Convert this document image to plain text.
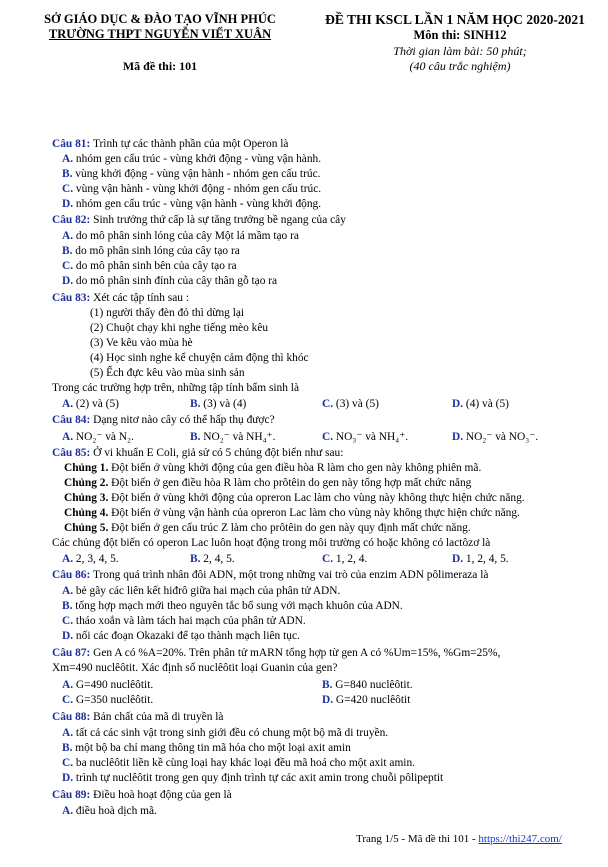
SỞ GIÁO DỤC & ĐÀO TẠO VĨNH PHÚC
TRƯỜNG THPT NGUYỄN VIẾT XUÂN
Mã đề thi: 101
ĐỀ THI KSCL LẦN 1 NĂM HỌC 2020-2021
Môn thi: SINH12
Thời gian làm bài: 50 phút;
(40 câu trắc nghiệm)
Câu 81: Trình tự các thành phần của một Operon là
A. nhóm gen cấu trúc - vùng khởi động - vùng vận hành.
B. vùng khởi động - vùng vận hành - nhóm gen cấu trúc.
C. vùng vận hành - vùng khởi động - nhóm gen cấu trúc.
D. nhóm gen cấu trúc - vùng vận hành - vùng khởi động.
Câu 82: Sinh trưởng thứ cấp là sự tăng trưởng bề ngang của cây
A. do mô phân sinh lóng của cây Một lá mầm tạo ra
B. do mô phân sinh lóng của cây tạo ra
C. do mô phân sinh bên của cây tạo ra
D. do mô phân sinh đỉnh của cây thân gỗ tạo ra
Câu 83: Xét các tập tính sau :
(1) người thấy đèn đỏ thì dừng lại
(2) Chuột chạy khi nghe tiếng mèo kêu
(3) Ve kêu vào mùa hè
(4) Học sinh nghe kể chuyện cảm động thì khóc
(5) Ếch đực kêu vào mùa sinh sản
Trong các trường hợp trên, những tập tính bẩm sinh là
A. (2) và (5)	B. (3) và (4)	C. (3) và (5)	D. (4) và (5)
Câu 84: Dạng nitơ nào cây có thể hấp thụ được?
A. NO₂⁻ và N₂.	B. NO₂⁻ và NH₄⁺.	C. NO₃⁻ và NH₄⁺.	D. NO₂⁻ và NO₃⁻.
Câu 85: Ở vi khuẩn E Coli, giả sử có 5 chủng đột biến như sau:
Chủng 1. Đột biến ở vùng khởi động của gen điều hòa R làm cho gen này không phiên mã.
Chủng 2. Đột biến ở gen điều hòa R làm cho prôtêin do gen này tổng hợp mất chức năng
Chủng 3. Đột biến ở vùng khởi động của opreron Lac làm cho vùng này không thực hiện chức năng.
Chủng 4. Đột biến ở vùng vận hành của opreron Lac làm cho vùng này không thực hiện chức năng.
Chủng 5. Đột biến ở gen cấu trúc Z làm cho prôtêin do gen này quy định mất chức năng.
Các chủng đột biến có operon Lac luôn hoạt động trong môi trường có hoặc không có lactôzơ là
A. 2, 3, 4, 5.	B. 2, 4, 5.	C. 1, 2, 4.	D. 1, 2, 4, 5.
Câu 86: Trong quá trình nhân đôi ADN, một trong những vai trò của enzim ADN pôlimeraza là
A. bẻ gãy các liên kết hiđrô giữa hai mạch của phân tử ADN.
B. tổng hợp mạch mới theo nguyên tắc bổ sung với mạch khuôn của ADN.
C. tháo xoắn và làm tách hai mạch của phân tử ADN.
D. nối các đoạn Okazaki để tạo thành mạch liên tục.
Câu 87: Gen A có %A=20%. Trên phân tử mARN tổng hợp từ gen A có %Um=15%, %Gm=25%,
Xm=490 nuclêôtit. Xác định số nuclêôtit loại Guanin của gen?
A. G=490 nuclêôtit.	B. G=840 nuclêôtit.
C. G=350 nuclêôtit.	D. G=420 nuclêôtit
Câu 88: Bản chất của mã di truyền là
A. tất cả các sinh vật trong sinh giới đều có chung một bộ mã di truyền.
B. một bộ ba chỉ mang thông tin mã hóa cho một loại axit amin
C. ba nuclêôtit liền kề cùng loại hay khác loại đều mã hoá cho một axit amin.
D. trình tự nuclêôtit trong gen quy định trình tự các axit amin trong chuỗi pôlipeptit
Câu 89: Điều hoà hoạt động của gen là
A. điều hoà dịch mã.
Trang 1/5 - Mã đề thi 101 - https://thi247.com/
